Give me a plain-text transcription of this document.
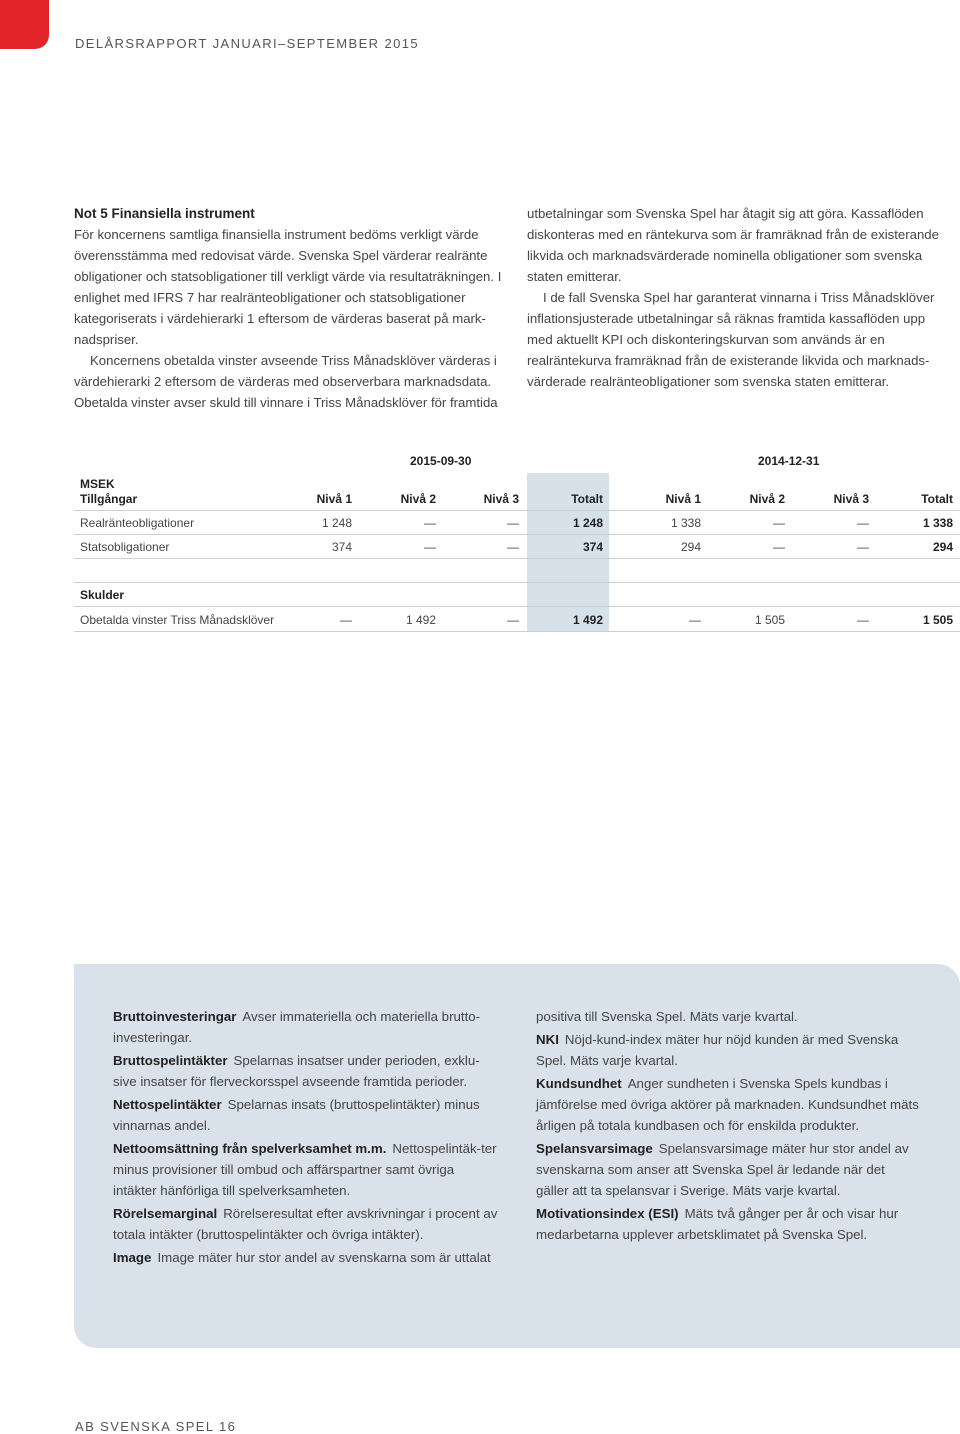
DELÅRSRAPPORT JANUARI–SEPTEMBER 2015

Not 5 Finansiella instrument

För koncernens samtliga finansiella instrument bedöms verkligt värde överensstämma med redovisat värde. Svenska Spel värderar realränte obligationer och statsobligationer till verkligt värde via resultaträkningen. I enlighet med IFRS 7 har realränteobligationer och statsobligationer kategoriserats i värdehierarki 1 eftersom de värderas baserat på mark-nadspriser.

Koncernens obetalda vinster avseende Triss Månadsklöver värderas i värdehierarki 2 eftersom de värderas med observerbara marknadsdata. Obetalda vinster avser skuld till vinnare i Triss Månadsklöver för framtida

utbetalningar som Svenska Spel har åtagit sig att göra. Kassaflöden diskonteras med en räntekurva som är framräknad från de existerande likvida och marknadsvärderade nominella obligationer som svenska staten emitterar.

I de fall Svenska Spel har garanterat vinnarna i Triss Månadsklöver inflationsjusterade utbetalningar så räknas framtida kassaflöden upp med aktuellt KPI och diskonteringskurvan som används är en realräntekurva framräknad från de existerande likvida och marknads-värderade realränteobligationer som svenska staten emitterar.

2015-09-30	2014-12-31
MSEK
Tillgångar	Nivå 1	Nivå 2	Nivå 3	Totalt	Nivå 1	Nivå 2	Nivå 3	Totalt
Realränteobligationer	1 248	—	—	1 248	1 338	—	—	1 338
Statsobligationer	374	—	—	374	294	—	—	294
Skulder
Obetalda vinster Triss Månadsklöver	—	1 492	—	1 492	—	1 505	—	1 505

Bruttoinvesteringar Avser immateriella och materiella brutto-investeringar.

Bruttospelintäkter Spelarnas insatser under perioden, exklu-sive insatser för flerveckorsspel avseende framtida perioder.

Nettospelintäkter Spelarnas insats (bruttospelintäkter) minus vinnarnas andel.

Nettoomsättning från spelverksamhet m.m. Nettospelintäk-ter minus provisioner till ombud och affärspartner samt övriga intäkter hänförliga till spelverksamheten.

Rörelsemarginal Rörelseresultat efter avskrivningar i procent av totala intäkter (bruttospelintäkter och övriga intäkter).

Image Image mäter hur stor andel av svenskarna som är uttalat

positiva till Svenska Spel. Mäts varje kvartal.

NKI Nöjd-kund-index mäter hur nöjd kunden är med Svenska Spel. Mäts varje kvartal.

Kundsundhet Anger sundheten i Svenska Spels kundbas i jämförelse med övriga aktörer på marknaden. Kundsundhet mäts årligen på totala kundbasen och för enskilda produkter.

Spelansvarsimage Spelansvarsimage mäter hur stor andel av svenskarna som anser att Svenska Spel är ledande när det gäller att ta spelansvar i Sverige. Mäts varje kvartal.

Motivationsindex (ESI) Mäts två gånger per år och visar hur medarbetarna upplever arbetsklimatet på Svenska Spel.

AB SVENSKA SPEL 16
